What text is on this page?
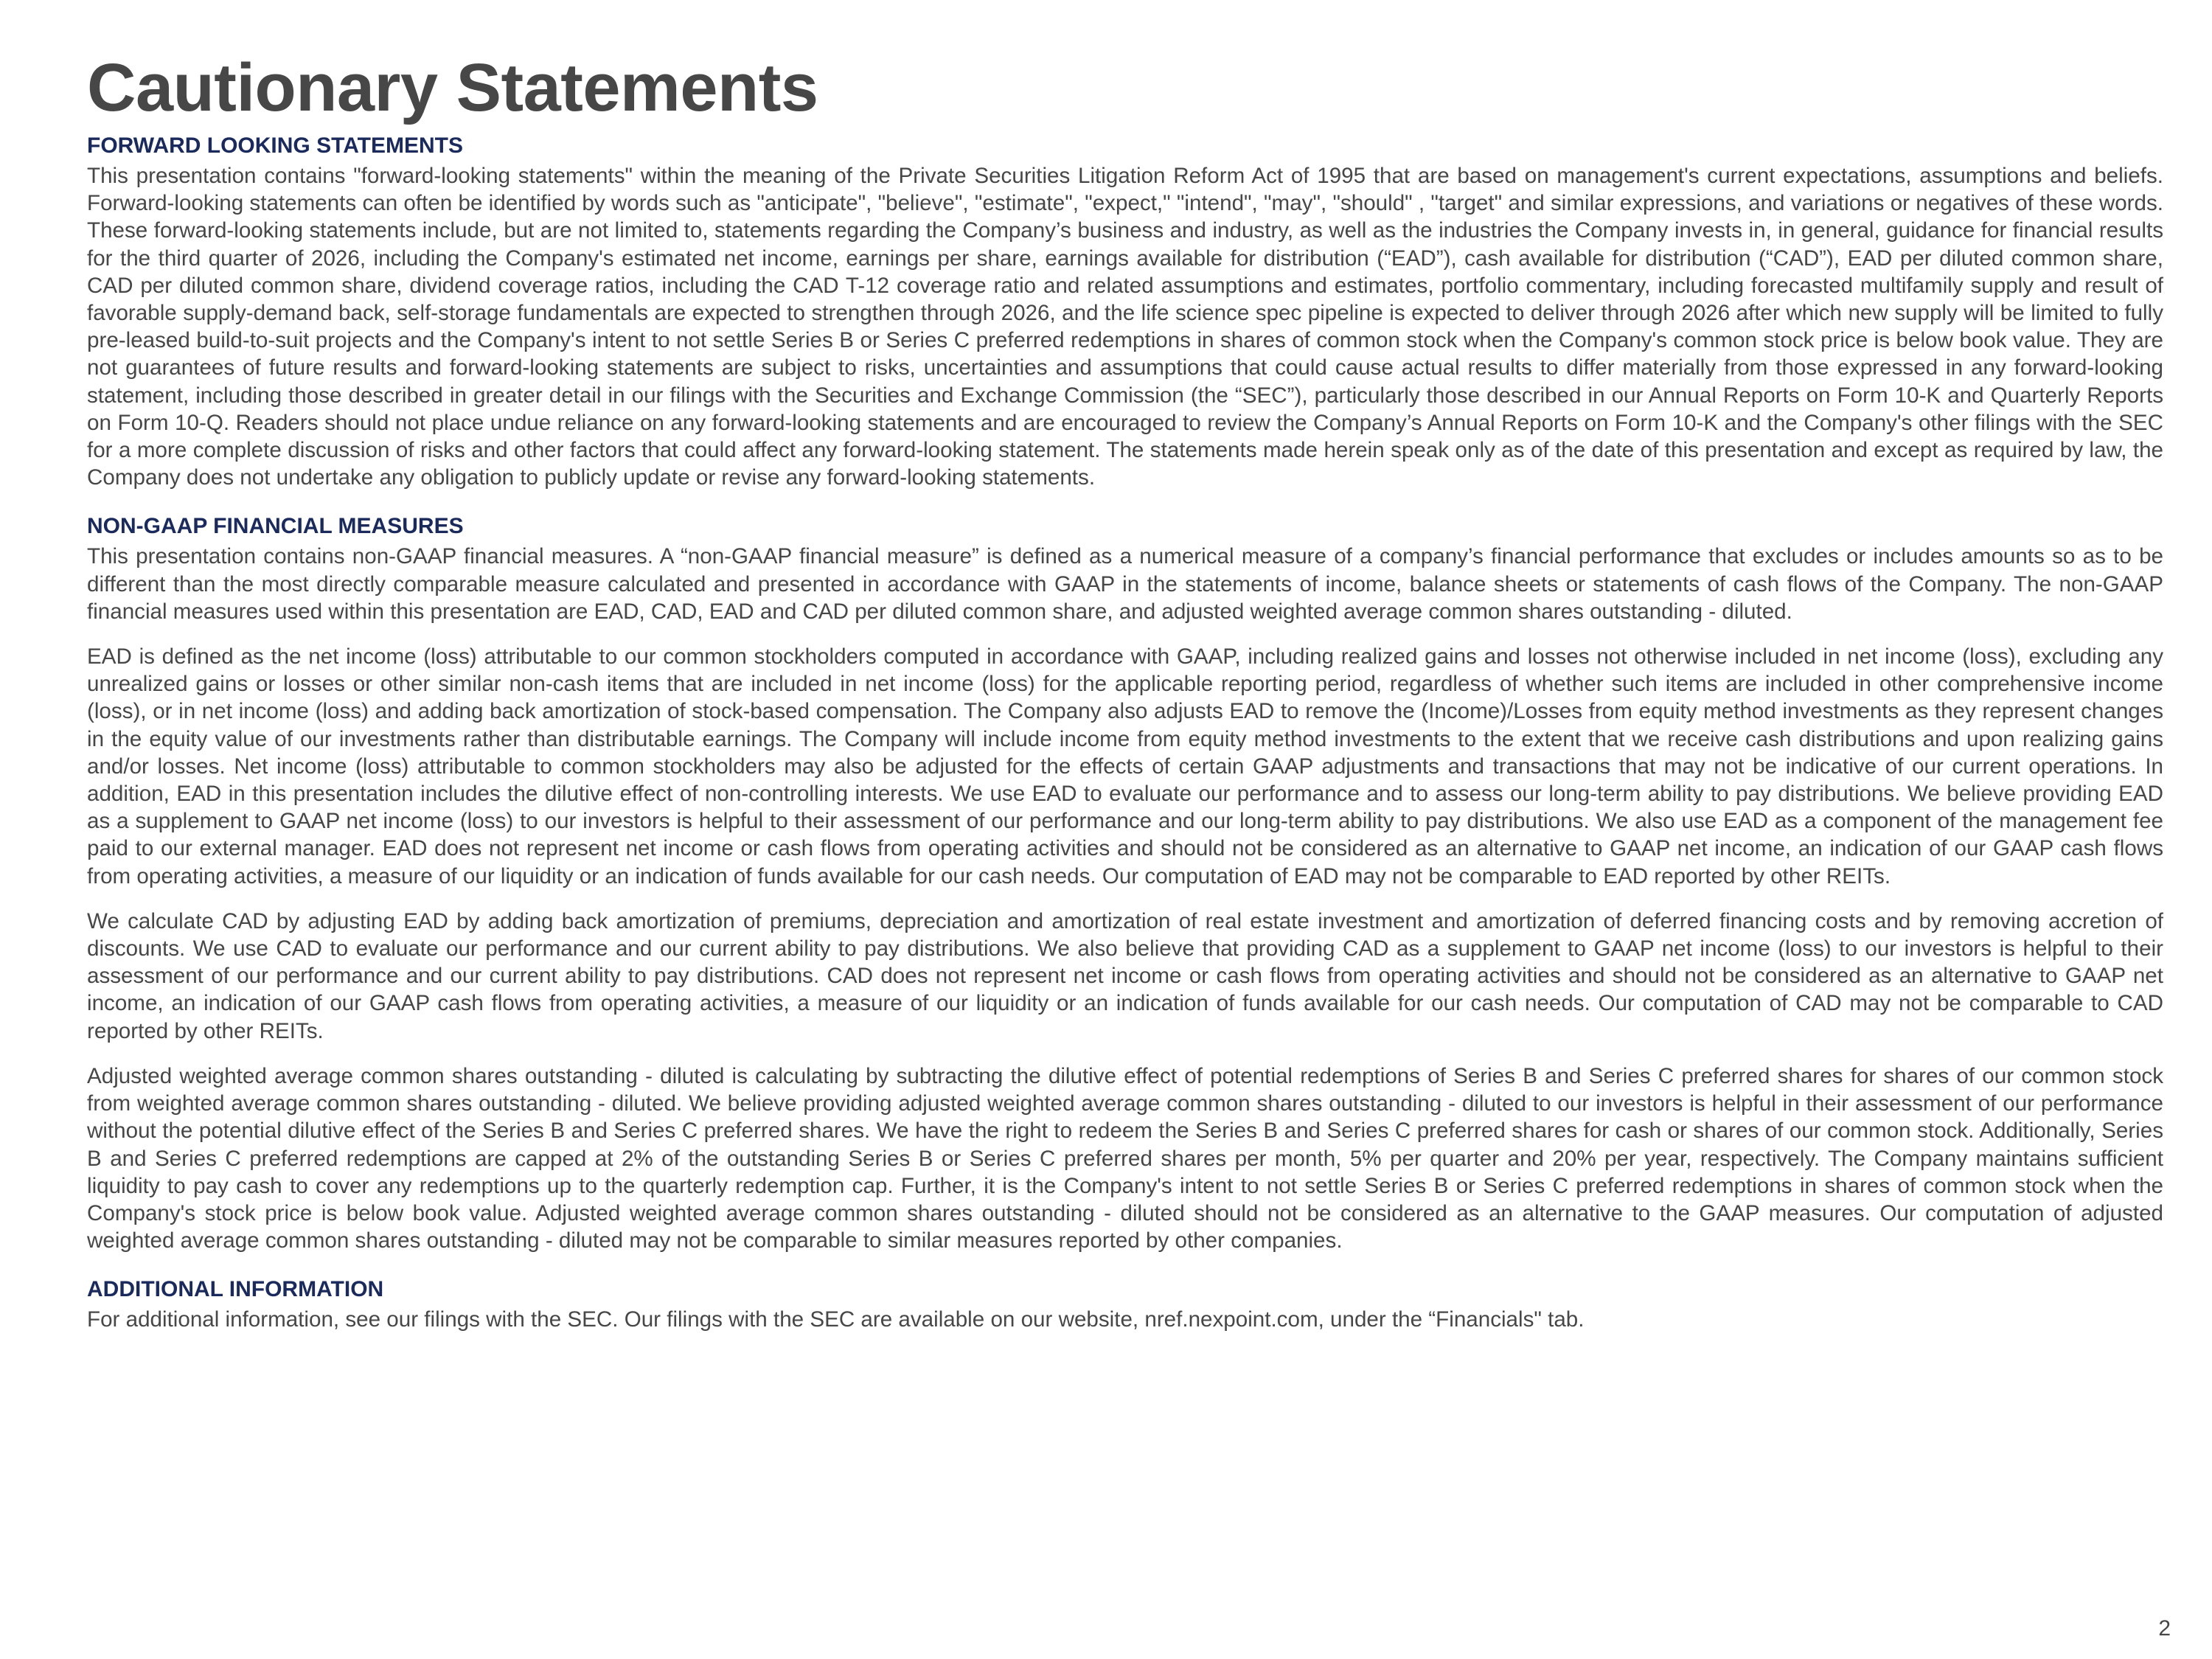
Cautionary Statements
FORWARD LOOKING STATEMENTS

This presentation contains "forward-looking statements" within the meaning of the Private Securities Litigation Reform Act of 1995 that are based on management's current expectations, assumptions and beliefs. Forward-looking statements can often be identified by words such as "anticipate", "believe", "estimate", "expect," "intend", "may", "should" , "target" and similar expressions, and variations or negatives of these words. These forward-looking statements include, but are not limited to, statements regarding the Company’s business and industry, as well as the industries the Company invests in, in general, guidance for financial results for the third quarter of 2026, including the Company's estimated net income, earnings per share, earnings available for distribution (“EAD”), cash available for distribution (“CAD”), EAD per diluted common share, CAD per diluted common share, dividend coverage ratios, including the CAD T-12 coverage ratio and related assumptions and estimates, portfolio commentary, including forecasted multifamily supply and result of favorable supply-demand back, self-storage fundamentals are expected to strengthen through 2026, and the life science spec pipeline is expected to deliver through 2026 after which new supply will be limited to fully pre-leased build-to-suit projects and the Company's intent to not settle Series B or Series C preferred redemptions in shares of common stock when the Company's common stock price is below book value. They are not guarantees of future results and forward-looking statements are subject to risks, uncertainties and assumptions that could cause actual results to differ materially from those expressed in any forward-looking statement, including those described in greater detail in our filings with the Securities and Exchange Commission (the “SEC”), particularly those described in our Annual Reports on Form 10-K and Quarterly Reports on Form 10-Q. Readers should not place undue reliance on any forward-looking statements and are encouraged to review the Company’s Annual Reports on Form 10-K and the Company's other filings with the SEC for a more complete discussion of risks and other factors that could affect any forward-looking statement. The statements made herein speak only as of the date of this presentation and except as required by law, the Company does not undertake any obligation to publicly update or revise any forward-looking statements.

NON-GAAP FINANCIAL MEASURES

This presentation contains non-GAAP financial measures. A “non-GAAP financial measure” is defined as a numerical measure of a company’s financial performance that excludes or includes amounts so as to be different than the most directly comparable measure calculated and presented in accordance with GAAP in the statements of income, balance sheets or statements of cash flows of the Company. The non-GAAP financial measures used within this presentation are EAD, CAD, EAD and CAD per diluted common share, and adjusted weighted average common shares outstanding - diluted.

EAD is defined as the net income (loss) attributable to our common stockholders computed in accordance with GAAP, including realized gains and losses not otherwise included in net income (loss), excluding any unrealized gains or losses or other similar non-cash items that are included in net income (loss) for the applicable reporting period, regardless of whether such items are included in other comprehensive income (loss), or in net income (loss) and adding back amortization of stock-based compensation. The Company also adjusts EAD to remove the (Income)/Losses from equity method investments as they represent changes in the equity value of our investments rather than distributable earnings. The Company will include income from equity method investments to the extent that we receive cash distributions and upon realizing gains and/or losses. Net income (loss) attributable to common stockholders may also be adjusted for the effects of certain GAAP adjustments and transactions that may not be indicative of our current operations. In addition, EAD in this presentation includes the dilutive effect of non-controlling interests. We use EAD to evaluate our performance and to assess our long-term ability to pay distributions. We believe providing EAD as a supplement to GAAP net income (loss) to our investors is helpful to their assessment of our performance and our long-term ability to pay distributions. We also use EAD as a component of the management fee paid to our external manager. EAD does not represent net income or cash flows from operating activities and should not be considered as an alternative to GAAP net income, an indication of our GAAP cash flows from operating activities, a measure of our liquidity or an indication of funds available for our cash needs. Our computation of EAD may not be comparable to EAD reported by other REITs.

We calculate CAD by adjusting EAD by adding back amortization of premiums, depreciation and amortization of real estate investment and amortization of deferred financing costs and by removing accretion of discounts. We use CAD to evaluate our performance and our current ability to pay distributions. We also believe that providing CAD as a supplement to GAAP net income (loss) to our investors is helpful to their assessment of our performance and our current ability to pay distributions. CAD does not represent net income or cash flows from operating activities and should not be considered as an alternative to GAAP net income, an indication of our GAAP cash flows from operating activities, a measure of our liquidity or an indication of funds available for our cash needs. Our computation of CAD may not be comparable to CAD reported by other REITs.

Adjusted weighted average common shares outstanding - diluted is calculating by subtracting the dilutive effect of potential redemptions of Series B and Series C preferred shares for shares of our common stock from weighted average common shares outstanding - diluted. We believe providing adjusted weighted average common shares outstanding - diluted to our investors is helpful in their assessment of our performance without the potential dilutive effect of the Series B and Series C preferred shares. We have the right to redeem the Series B and Series C preferred shares for cash or shares of our common stock. Additionally, Series B and Series C preferred redemptions are capped at 2% of the outstanding Series B or Series C preferred shares per month, 5% per quarter and 20% per year, respectively. The Company maintains sufficient liquidity to pay cash to cover any redemptions up to the quarterly redemption cap. Further, it is the Company's intent to not settle Series B or Series C preferred redemptions in shares of common stock when the Company's stock price is below book value. Adjusted weighted average common shares outstanding - diluted should not be considered as an alternative to the GAAP measures. Our computation of adjusted weighted average common shares outstanding - diluted may not be comparable to similar measures reported by other companies.

ADDITIONAL INFORMATION

For additional information, see our filings with the SEC. Our filings with the SEC are available on our website, nref.nexpoint.com, under the “Financials" tab.

2
